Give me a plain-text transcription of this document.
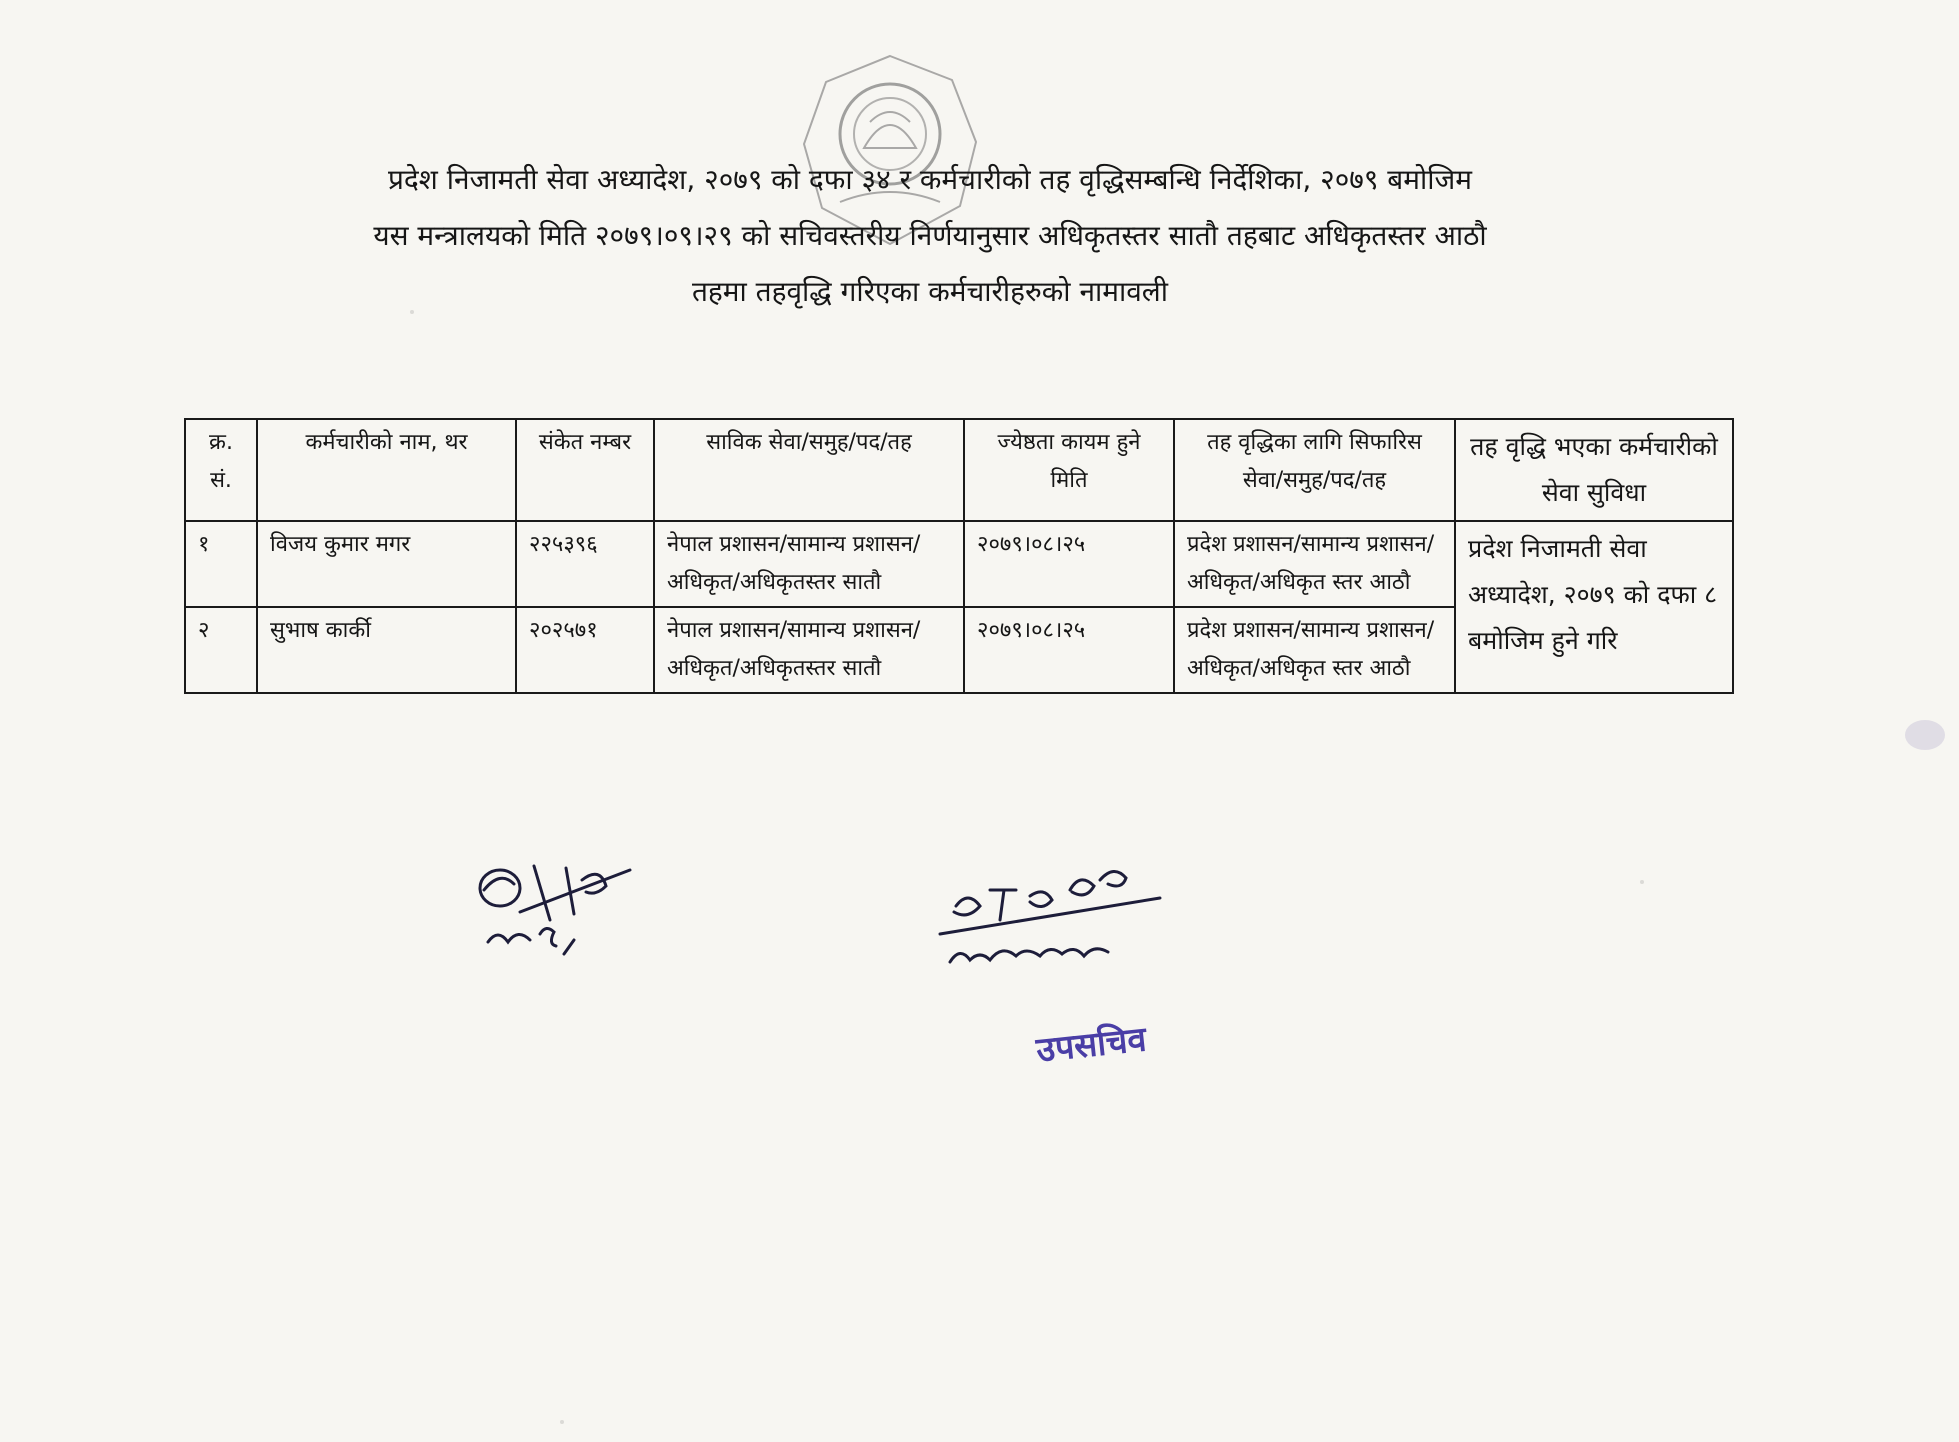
प्रदेश निजामती सेवा अध्यादेश, २०७९ को दफा ३४ र कर्मचारीको तह वृद्धिसम्बन्धि निर्देशिका, २०७९ बमोजिम

यस मन्त्रालयको मिति २०७९।०९।२९ को सचिवस्तरीय निर्णयानुसार अधिकृतस्तर सातौ तहबाट अधिकृतस्तर आठौ

तहमा तहवृद्धि गरिएका कर्मचारीहरुको नामावली

क्र. सं.	कर्मचारीको नाम, थर	संकेत नम्बर	साविक सेवा/समुह/पद/तह	ज्येष्ठता कायम हुने मिति	तह वृद्धिका लागि सिफारिस सेवा/समुह/पद/तह	तह वृद्धि भएका कर्मचारीको सेवा सुविधा
१	विजय कुमार मगर	२२५३९६	नेपाल प्रशासन/सामान्य प्रशासन/अधिकृत/अधिकृतस्तर सातौ	२०७९।०८।२५	प्रदेश प्रशासन/सामान्य प्रशासन/अधिकृत/अधिकृत स्तर आठौ	प्रदेश निजामती सेवा अध्यादेश, २०७९ को दफा ८ बमोजिम हुने गरि
२	सुभाष कार्की	२०२५७१	नेपाल प्रशासन/सामान्य प्रशासन/ अधिकृत/अधिकृतस्तर सातौ	२०७९।०८।२५	प्रदेश प्रशासन/सामान्य प्रशासन/अधिकृत/अधिकृत स्तर आठौ	
उपसचिव
